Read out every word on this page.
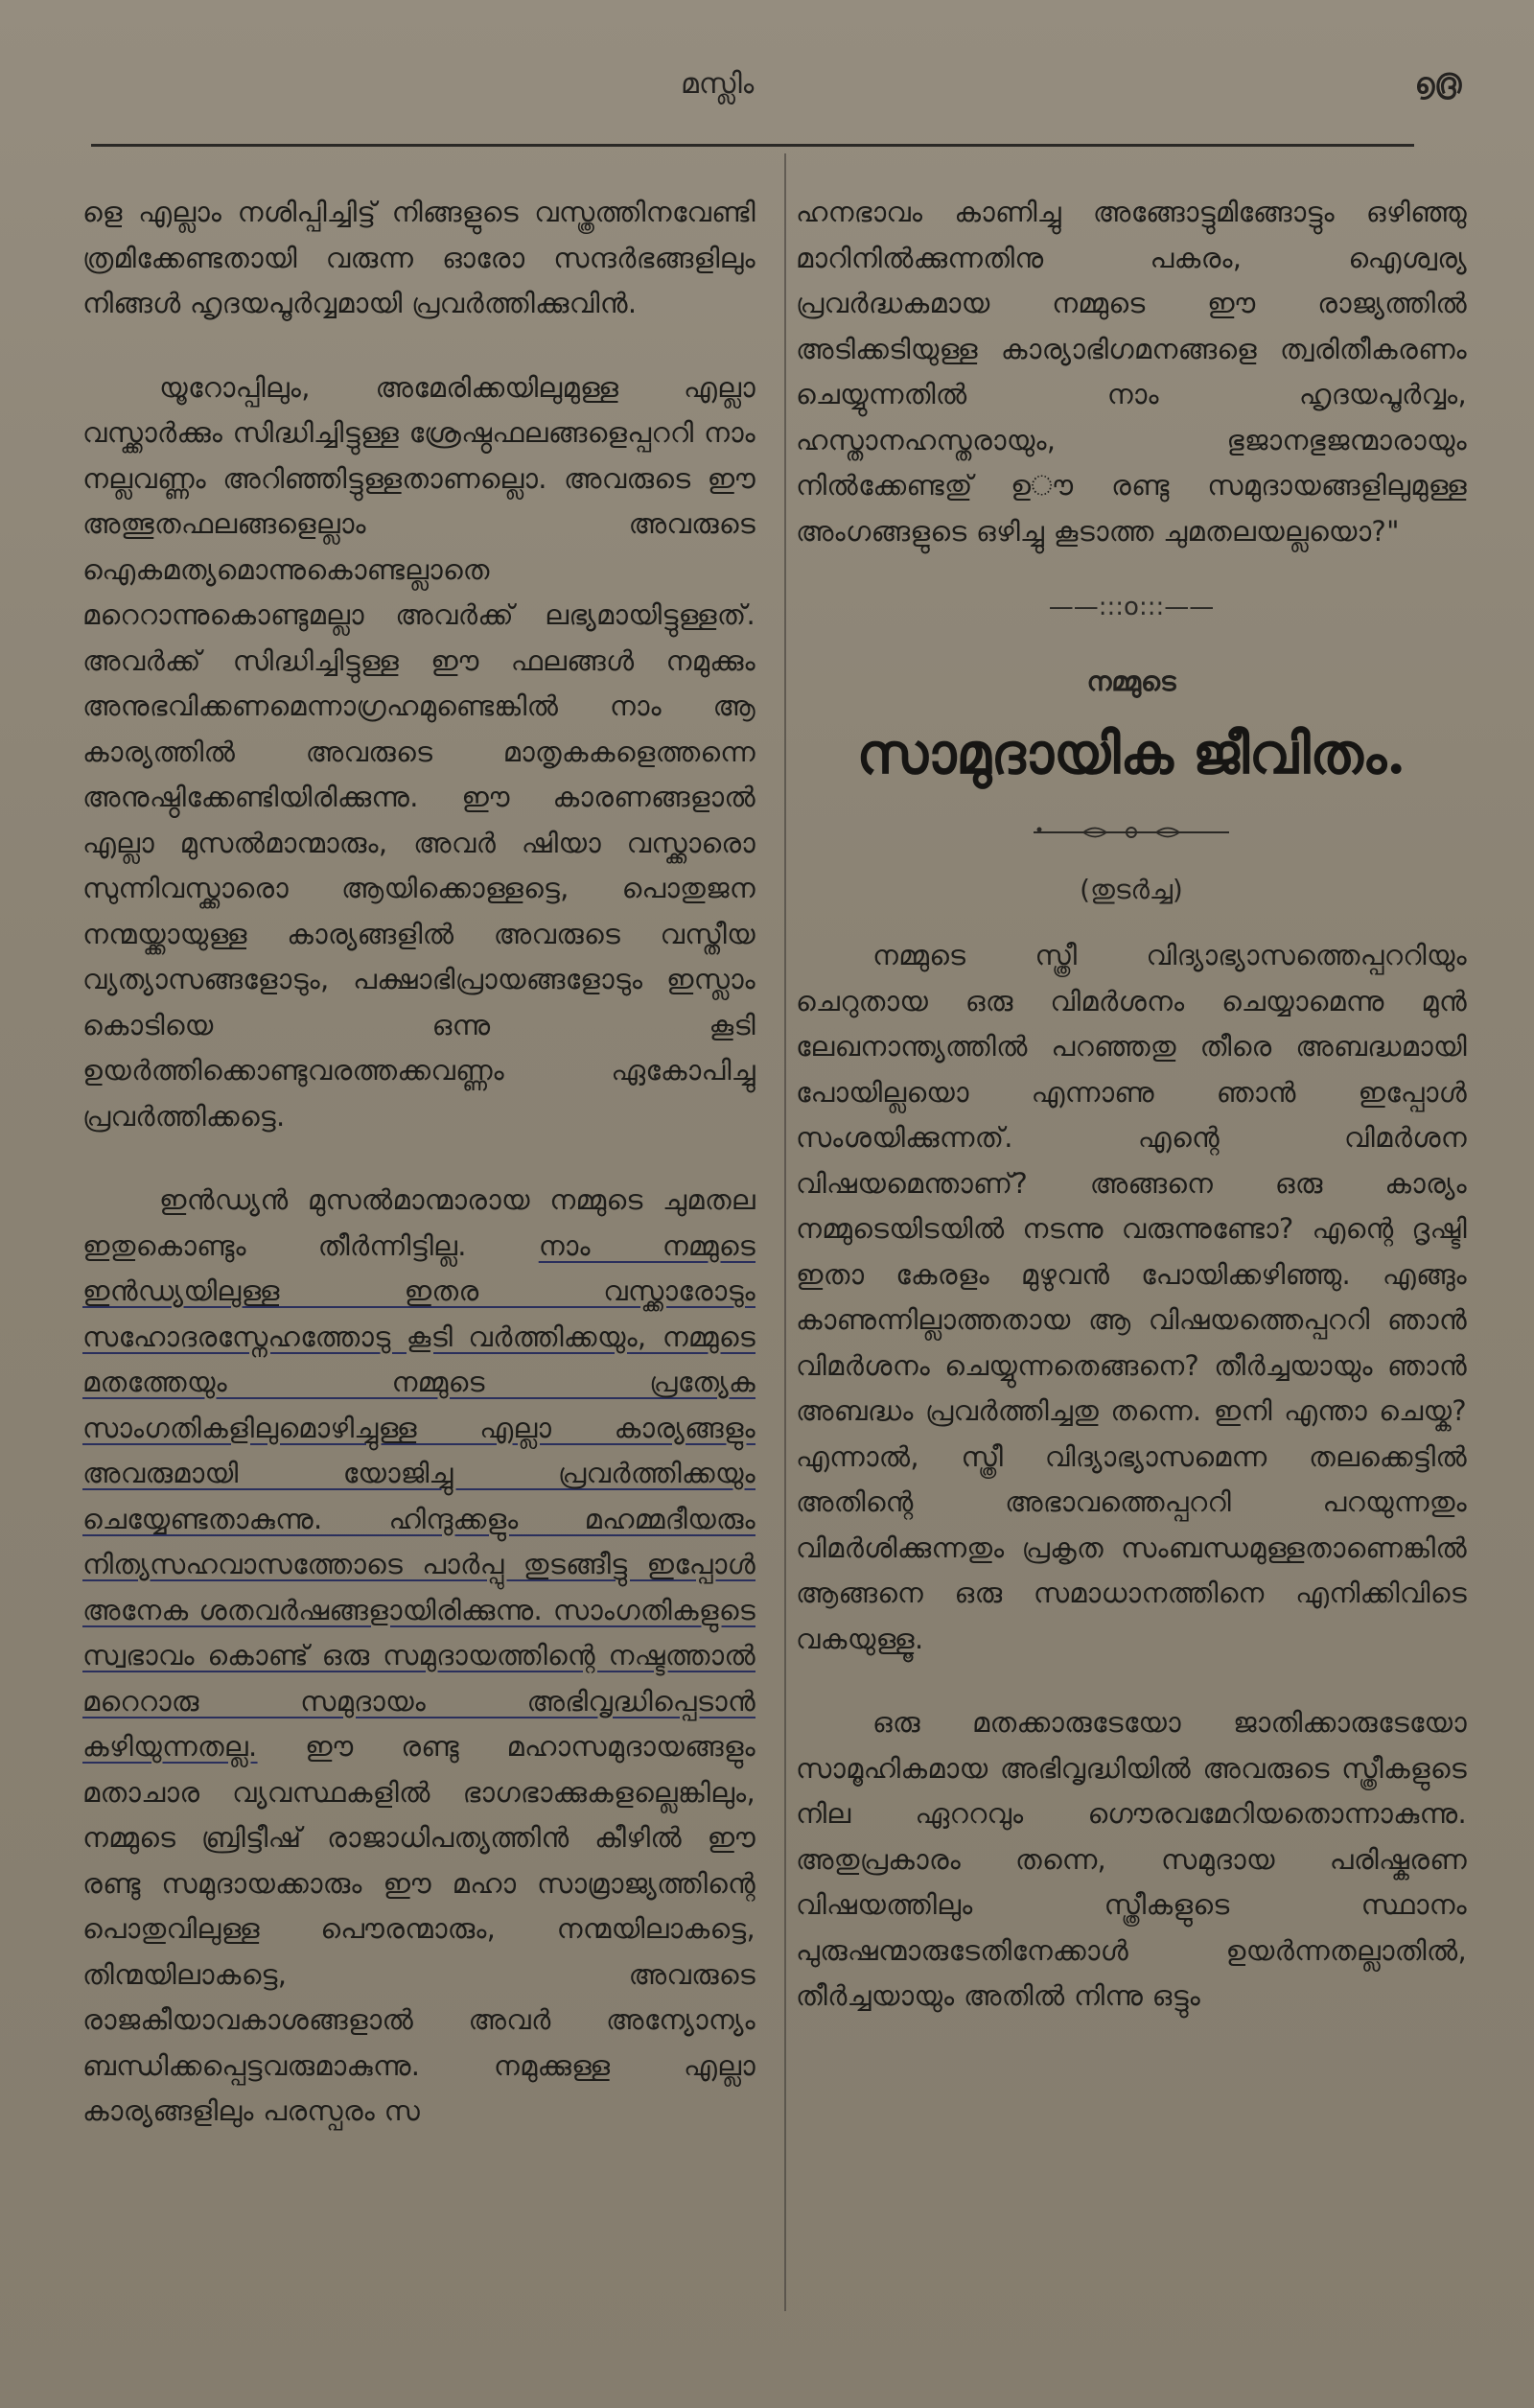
മസ്ലിം	൭൫

ളെ എല്ലാം നശിപ്പിച്ചിട്ട് നിങ്ങളുടെ വസ്ത്രത്തിനവേണ്ടി ത്രമിക്കേണ്ടതായി വരുന്ന ഓരോ സന്ദർഭങ്ങളിലും നിങ്ങൾ ഹൃദയപൂർവ്വമായി പ്രവർത്തിക്കുവിൻ.

യൂറോപ്പിലും, അമേരിക്കയിലുമുള്ള എല്ലാ വസ്ക്കാർക്കും സിദ്ധിച്ചിട്ടുള്ള ശ്രേഷ്ഠഫലങ്ങളെപ്പററി നാം നല്ലവണ്ണം അറിഞ്ഞിട്ടുള്ളതാണല്ലൊ. അവരുടെ ഈ അത്ഭുതഫലങ്ങളെല്ലാം അവരുടെ ഐകമത്യമൊന്നുകൊണ്ടല്ലാതെ മറെറാന്നുകൊണ്ടുമല്ലാ അവർക്ക് ലഭ്യമായിട്ടുള്ളത്. അവർക്ക് സിദ്ധിച്ചിട്ടുള്ള ഈ ഫലങ്ങൾ നമുക്കും അനുഭവിക്കണമെന്നാഗ്രഹമുണ്ടെങ്കിൽ നാം ആ കാര്യത്തിൽ അവരുടെ മാതൃകകളെത്തന്നെ അനുഷ്ഠിക്കേണ്ടിയിരിക്കുന്നു. ഈ കാരണങ്ങളാൽ എല്ലാ മുസൽമാന്മാരും, അവർ ഷിയാ വസ്ക്കാരൊ സുന്നിവസ്ക്കാരൊ ആയിക്കൊള്ളട്ടെ, പൊതുജന നന്മയ്ക്കായുള്ള കാര്യങ്ങളിൽ അവരുടെ വസ്തീയ വ്യത്യാസങ്ങളോടും, പക്ഷാഭിപ്രായങ്ങളോടും ഇസ്ലാം കൊടിയെ ഒന്നു കൂടി ഉയർത്തിക്കൊണ്ടുവരത്തക്കവണ്ണം ഏകോപിച്ചു പ്രവർത്തിക്കട്ടെ.

ഇൻഡ്യൻ മുസൽമാന്മാരായ നമ്മുടെ ചുമതല ഇതുകൊണ്ടും തീർന്നിട്ടില്ല. നാം നമ്മുടെ ഇൻഡ്യയിലുള്ള ഇതര വസ്ക്കാരോടും സഹോദരസ്നേഹത്തോടു കൂടി വർത്തിക്കയും, നമ്മുടെ മതത്തേയും നമ്മുടെ പ്രത്യേക സാംഗതികളിലുമൊഴിച്ചുള്ള എല്ലാ കാര്യങ്ങളും അവരുമായി യോജിച്ചു പ്രവർത്തിക്കയും ചെയ്യേണ്ടതാകുന്നു. ഹിന്ദുക്കളും മഹമ്മദീയരും നിത്യസഹവാസത്തോടെ പാർപ്പു തുടങ്ങീട്ടു ഇപ്പോൾ അനേക ശതവർഷങ്ങളായിരിക്കുന്നു. സാംഗതികളുടെ സ്വഭാവം കൊണ്ട് ഒരു സമുദായത്തിന്റെ നഷ്ടത്താൽ മറെറാരു സമുദായം അഭിവൃദ്ധിപ്പെടാൻ കഴിയുന്നതല്ല. ഈ രണ്ടു മഹാസമുദായങ്ങളും മതാചാര വ്യവസ്ഥകളിൽ ഭാഗഭാക്കുകളല്ലെങ്കിലും, നമ്മുടെ ബ്രിട്ടീഷ് രാജാധിപത്യത്തിൻ കീഴിൽ ഈ രണ്ടു സമുദായക്കാരും ഈ മഹാ സാമ്രാജ്യത്തിന്റെ പൊതുവിലുള്ള പൌരന്മാരും, നന്മയിലാകട്ടെ, തിന്മയിലാകട്ടെ, അവരുടെ രാജകീയാവകാശങ്ങളാൽ അവർ അന്യോന്യം ബന്ധിക്കപ്പെട്ടവരുമാകുന്നു. നമുക്കുള്ള എല്ലാ കാര്യങ്ങളിലും പരസ്പരം സ

ഹനഭാവം കാണിച്ചു അങ്ങോട്ടുമിങ്ങോട്ടും ഒഴിഞ്ഞു മാറിനിൽക്കുന്നതിനു പകരം, ഐശ്വര്യ പ്രവർദ്ധകമായ നമ്മുടെ ഈ രാജ്യത്തിൽ അടിക്കടിയുള്ള കാര്യാഭിഗമനങ്ങളെ ത്വരിതീകരണം ചെയ്യുന്നതിൽ നാം ഹൃദയപൂർവ്വം, ഹസ്താനഹസ്തരായും, ഭുജാനഭുജന്മാരായും നിൽക്കേണ്ടതു് ഉൗ രണ്ടു സമുദായങ്ങളിലുമുള്ള അംഗങ്ങളുടെ ഒഴിച്ചു കൂടാത്ത ചുമതലയല്ലയൊ?"

——:::o:::——
നമ്മുടെ
സാമുദായിക ജീവിതം.
(തുടർച്ച)

നമ്മുടെ സ്ത്രീ വിദ്യാഭ്യാസത്തെപ്പററിയും ചെറുതായ ഒരു വിമർശനം ചെയ്യാമെന്നു മുൻ ലേഖനാന്ത്യത്തിൽ പറഞ്ഞതു തീരെ അബദ്ധമായി പോയില്ലയൊ എന്നാണു ഞാൻ ഇപ്പോൾ സംശയിക്കുന്നത്. എന്റെ വിമർശന വിഷയമെന്താണ്? അങ്ങനെ ഒരു കാര്യം നമ്മുടെയിടയിൽ നടന്നു വരുന്നുണ്ടോ? എന്റെ ദൃഷ്ടി ഇതാ കേരളം മുഴുവൻ പോയിക്കഴിഞ്ഞു. എങ്ങും കാണുന്നില്ലാത്തതായ ആ വിഷയത്തെപ്പററി ഞാൻ വിമർശനം ചെയ്യുന്നതെങ്ങനെ? തീർച്ചയായും ഞാൻ അബദ്ധം പ്രവർത്തിച്ചതു തന്നെ. ഇനി എന്താ ചെയ്ക? എന്നാൽ, സ്ത്രീ വിദ്യാഭ്യാസമെന്ന തലക്കെട്ടിൽ അതിന്റെ അഭാവത്തെപ്പററി പറയുന്നതും വിമർശിക്കുന്നതും പ്രകൃത സംബന്ധമുള്ളതാണെങ്കിൽ ആങ്ങനെ ഒരു സമാധാനത്തിനെ എനിക്കിവിടെ വകയുള്ളൂ.

ഒരു മതക്കാരുടേയോ ജാതിക്കാരുടേയോ സാമൂഹികമായ അഭിവൃദ്ധിയിൽ അവരുടെ സ്ത്രീകളുടെ നില ഏററവും ഗൌരവമേറിയതൊന്നാകുന്നു. അതുപ്രകാരം തന്നെ, സമുദായ പരിഷ്കരണ വിഷയത്തിലും സ്ത്രീകളുടെ സ്ഥാനം പുരുഷന്മാരുടേതിനേക്കാൾ ഉയർന്നതല്ലാതിൽ, തീർച്ചയായും അതിൽ നിന്നു ഒട്ടും
